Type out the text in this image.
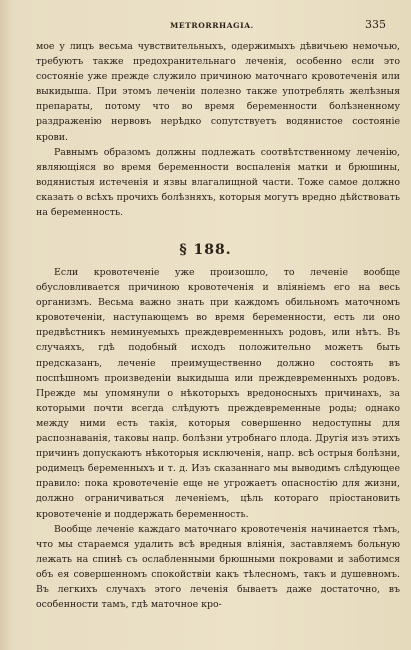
METRORRHAGIA.	335

мое у лицъ весьма чувствительныхъ, одержимыхъ дѣвичьею немочью, требуютъ также предохранительнаго леченія, особенно если это состояніе уже прежде служило причиною маточнаго кровотеченія или выкидыша. При этомъ леченіи полезно также употреблять желѣзныя препараты, потому что во время беременности болѣзненному раздраженію нервовъ нерѣдко сопутствуетъ водянистое состояніе крови.

Равнымъ образомъ должны подлежать соотвѣтственному леченію, являющіяся во время беременности воспаленія матки и брюшины, водянистыя истеченія и язвы влагалищной части. Тоже самое должно сказать о всѣхъ прочихъ болѣзняхъ, которыя могутъ вредно дѣйствовать на беременность.

§ 188.

Если кровотеченіе уже произошло, то леченіе вообще обусловливается причиною кровотеченія и вліяніемъ его на весь организмъ. Весьма важно знать при каждомъ обильномъ маточномъ кровотеченіи, наступающемъ во время беременности, есть ли оно предвѣстникъ неминуемыхъ преждевременныхъ родовъ, или нѣтъ. Въ случаяхъ, гдѣ подобный исходъ положительно можетъ быть предсказанъ, леченіе преимущественно должно состоять въ поспѣшномъ произведеніи выкидыша или преждевременныхъ родовъ. Прежде мы упомянули о нѣкоторыхъ вредоносныхъ причинахъ, за которыми почти всегда слѣдуютъ преждевременные роды; однако между ними есть такія, которыя совершенно недоступны для распознаванія, таковы напр. болѣзни утробнаго плода. Другія изъ этихъ причинъ допускаютъ нѣкоторыя исключенія, напр. всѣ острыя болѣзни, родимецъ беременныхъ и т. д. Изъ сказаннаго мы выводимъ слѣдующее правило: пока кровотеченіе еще не угрожаетъ опасностію для жизни, должно ограничиваться леченіемъ, цѣль котораго пріостановить кровотеченіе и поддержать беременность.

Вообще леченіе каждаго маточнаго кровотеченія начинается тѣмъ, что мы стараемся удалить всѣ вредныя вліянія, заставляемъ больную лежать на спинѣ съ ослабленными брюшными покровами и заботимся объ ея совершенномъ спокойствіи какъ тѣлесномъ, такъ и душевномъ. Въ легкихъ случахъ этого леченія бываетъ даже достаточно, въ особенности тамъ, гдѣ маточное кро-
